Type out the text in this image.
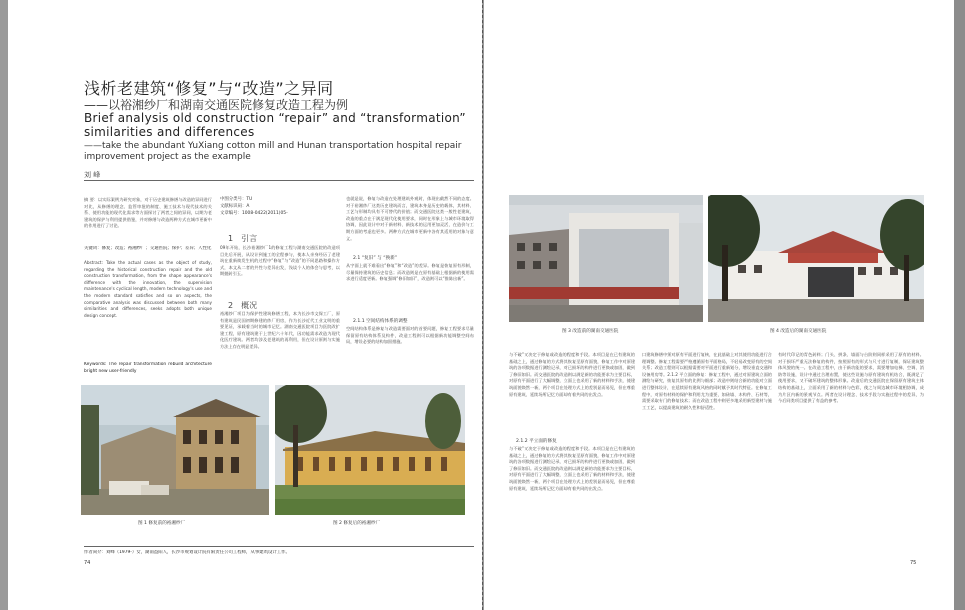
浅析老建筑“修复”与“改造”之异同
——以裕湘纱厂和湖南交通医院修复改造工程为例
Brief analysis old construction “repair” and “transformation” similarities and differences
——take the abundant YuXiang cotton mill and Hunan transportation hospital repair improvement project as the example
刘 峰
摘 要：以实际案例为研究对象，对于历史建筑修缮与改造的异同进行对比，从修缮的理念、监管审批的制度、施工技术与现代技术的关系、使用功能的现代化需求等方面探讨了两者之间的异同，以期为老建筑的保护与利用提供借鉴，并对修缮与改造两种方式在城市更新中的作用进行了讨论。
关键词：修复；改造；裕湘纱厂；交通医院；保护；差异；人性化
Abstract: Take the actual cases as the object of study, regarding the historical construction repair and the old construction transformation, from the shape appearance's difference with the innovation, the supervision maintenance's cyclical length, modern technology's use and the modern standard satisfies and so on aspects, the comparative analysis was discussed between both many similarities and differences, seeks adopts both unique design concept.
Keywords: The repair transformation rebuild architecture bright new user-friendly
中图分类号：TU
文献标识码：A
文章编号：1008-0422(2011)05-
1　引言
09年开始，长沙裕湘纱厂1的修复工程与湖南交通医院的改造项目先后开展，从设计到施工的全程参与，使本人亲身经历了老建筑在重新焕发生机的过程中“修复”与“改造”的不同思路和操作方式，本文从二者的共性与差异出发，浅谈个人的体会与思考，以期抛砖引玉。
2　概况
裕湘纱厂项目为保护性建筑修缮工程，本为长沙市文保工厂，原有建筑是民国初期修建的纱厂用房，作为长沙近代工业文明的重要见证，承载着当时的城市记忆。湖南交通医院项目为医院改扩建工程，原有建筑建于上世纪六十年代，因功能需求改造为现代化医疗建筑。两者均涉及老建筑的再利用，但在设计原则与实施方法上存在明显差异。
也就是说，修复与改造在处理建筑外观时，体现出截然不同的态度。对于裕湘纱厂这类历史建筑而言，建筑本身是历史的载体，其材料、工艺与形制均具有不可替代的价值；而交通医院这类一般性老建筑，改造的重点在于满足现代化使用要求，同时在形象上与城市环境取得协调，因此设计中对于新材料、新技术的运用更加灵活，在造价与工期方面的考虑也更多。两种方式在城市更新中各有其适用的对象与意义。
2.1 “复旧” 与 “换新”
从字面上就不难看出“修复”和“改造”的差异。修复是恢复原有形制，尽量保持建筑的历史信息；而改造则是在原有基础上根据新的使用需求进行适度更新。修复强调“修旧如旧”，改造则可以“推陈出新”。
2.1.1 空间结构体系的调整
空间结构体系是修复与改造需要面对的首要问题，修复工程要求尽量保留原有结构体系及构件，改造工程则可以根据新功能调整空间布局，增设必要的结构加固措施。
图 1 修复前的裕湘纱厂	图 2 修复后的裕湘纱厂
作者简介：刘峰（1979-）女，湖南益阳人，长沙市规划设计院有限责任公司工程师，从事建筑设计工作。
74
图 3 改造前的湖南交通医院	图 4 改造后的湖南交通医院
与不破”又决定于修复或改造的程度和手段。本项目是在已有建筑的基础之上，通过修复的方式将其恢复至原有面貌，修复工作中对原建筑的各项数据进行测绘记录，对已损坏的构件进行更换或加固，做到了修旧如旧。而交通医院的改造则以满足新的功能要求为主要目标，对原有平面进行了大幅调整，立面上也采用了新的材料和手法，使建筑面貌焕然一新，两个项目在处理方式上的差别显而易见，但在尊重原有建筑、延续场所记忆方面却有着共同的出发点。
2.1.2 平立面的修复
与不破”又决定于修复或改造的程度和手段。本项目是在已有建筑的基础之上，通过修复的方式将其恢复至原有面貌，修复工作中对原建筑的各项数据进行测绘记录，对已损坏的构件进行更换或加固，做到了修旧如旧。而交通医院的改造则以满足新的功能要求为主要目标，对原有平面进行了大幅调整，立面上也采用了新的材料和手法，使建筑面貌焕然一新，两个项目在处理方式上的差别显而易见，但在尊重原有建筑、延续场所记忆方面却有着共同的出发点。
口建筑修缮中须对原有平面进行复核，在此基础上对其使用功能进行合理调整。修复工程需要严格遵循原有平面格局，不轻易改变原有的空间关系；改造工程则可以根据需要对平面进行重新划分，增设垂直交通和设备用房等。2.1.2 平立面的修复：修复工程中，通过对原建筑立面的测绘与研究，恢复其原有的比例与细部；改造中则结合新的功能对立面进行整体设计，在延续原有建筑风格的同时赋予其时代特征。在修复工程中，对原有材料的保护和利用尤为重要，如砖墙、木构件、石材等，需要采取专门的修复技术；而在改造工程中则更多地采用新型建材与施工工艺，以提高建筑的耐久性和舒适性。
有时代印记的青色砖料；门头、拼条、墙面与台阶则同样采用了原有的材料。对于损坏严重无法修复的构件，按照原有的形式与尺寸进行复制，保证建筑整体风貌的统一。在改造工程中，由于新功能的要求，需要增加电梯、空调、消防等设施，设计中通过合理布置，使这些设施与原有建筑有机结合，既满足了使用要求，又不破坏建筑的整体形象。改造后的交通医院在保留原有建筑主体结构的基础上，立面采用了新的材料与色彩，使之与周边城市环境相协调，成为片区内新的景观节点。两者在设计理念、技术手段与实施过程中的差异，为今后同类项目提供了有益的参考。
75
